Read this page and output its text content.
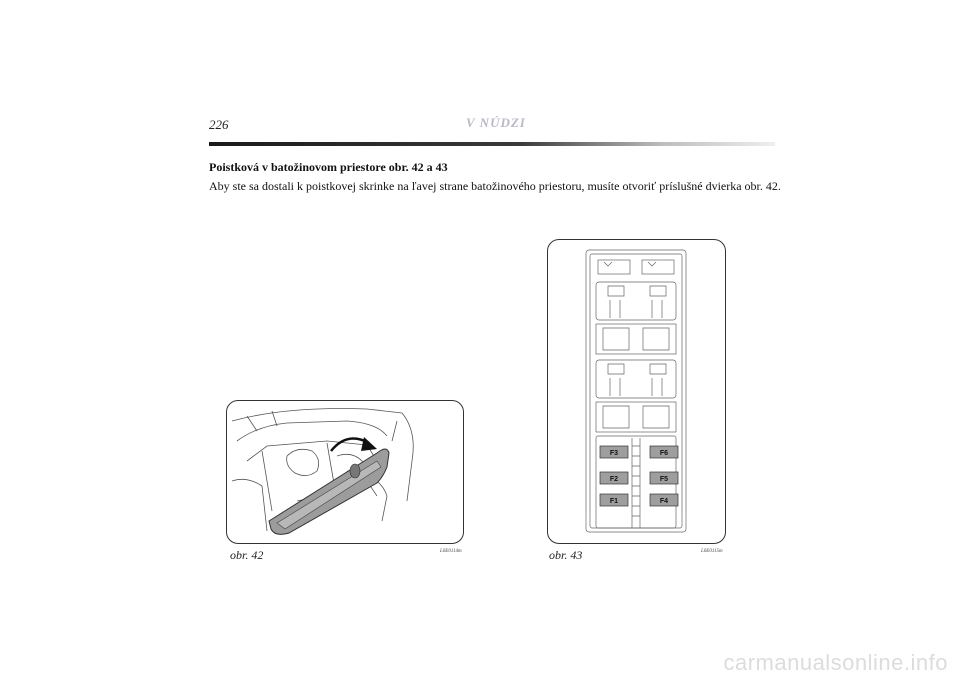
226	V NÚDZI
Poistková v batožinovom priestore obr. 42 a 43
Aby ste sa dostali k poistkovej skrinke na ľavej strane batožinového priestoru, musíte otvoriť príslušné dvierka obr. 42.
obr. 42	L0E0114m
F3
F2
F1
F6
F5
F4
obr. 43	L0E0115m
carmanualsonline.info
